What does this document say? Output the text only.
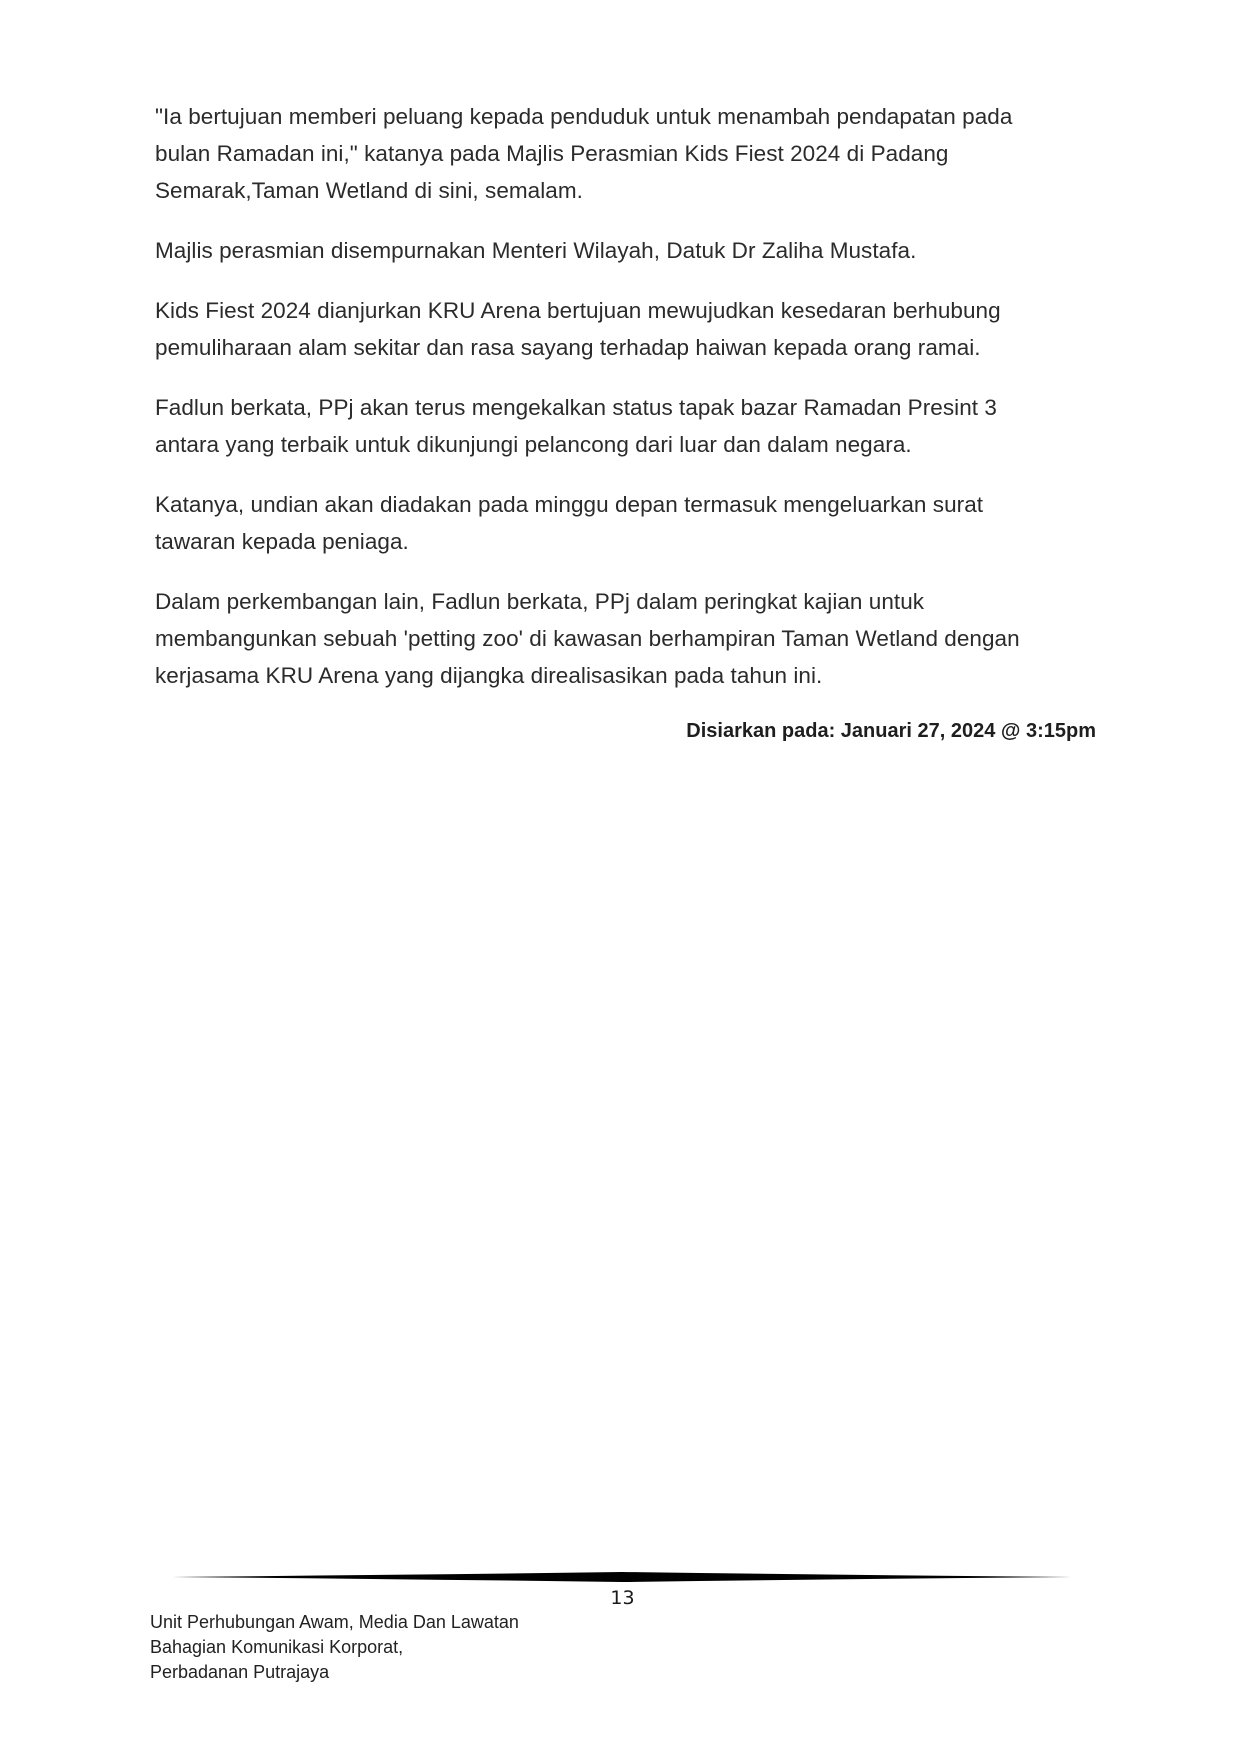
"Ia bertujuan memberi peluang kepada penduduk untuk menambah pendapatan pada
bulan Ramadan ini," katanya pada Majlis Perasmian Kids Fiest 2024 di Padang
Semarak,Taman Wetland di sini, semalam.

Majlis perasmian disempurnakan Menteri Wilayah, Datuk Dr Zaliha Mustafa.

Kids Fiest 2024 dianjurkan KRU Arena bertujuan mewujudkan kesedaran berhubung
pemuliharaan alam sekitar dan rasa sayang terhadap haiwan kepada orang ramai.

Fadlun berkata, PPj akan terus mengekalkan status tapak bazar Ramadan Presint 3
antara yang terbaik untuk dikunjungi pelancong dari luar dan dalam negara.

Katanya, undian akan diadakan pada minggu depan termasuk mengeluarkan surat
tawaran kepada peniaga.

Dalam perkembangan lain, Fadlun berkata, PPj dalam peringkat kajian untuk
membangunkan sebuah 'petting zoo' di kawasan berhampiran Taman Wetland dengan
kerjasama KRU Arena yang dijangka direalisasikan pada tahun ini.

Disiarkan pada: Januari 27, 2024 @ 3:15pm
13
Unit Perhubungan Awam, Media Dan Lawatan
Bahagian Komunikasi Korporat,
Perbadanan Putrajaya
